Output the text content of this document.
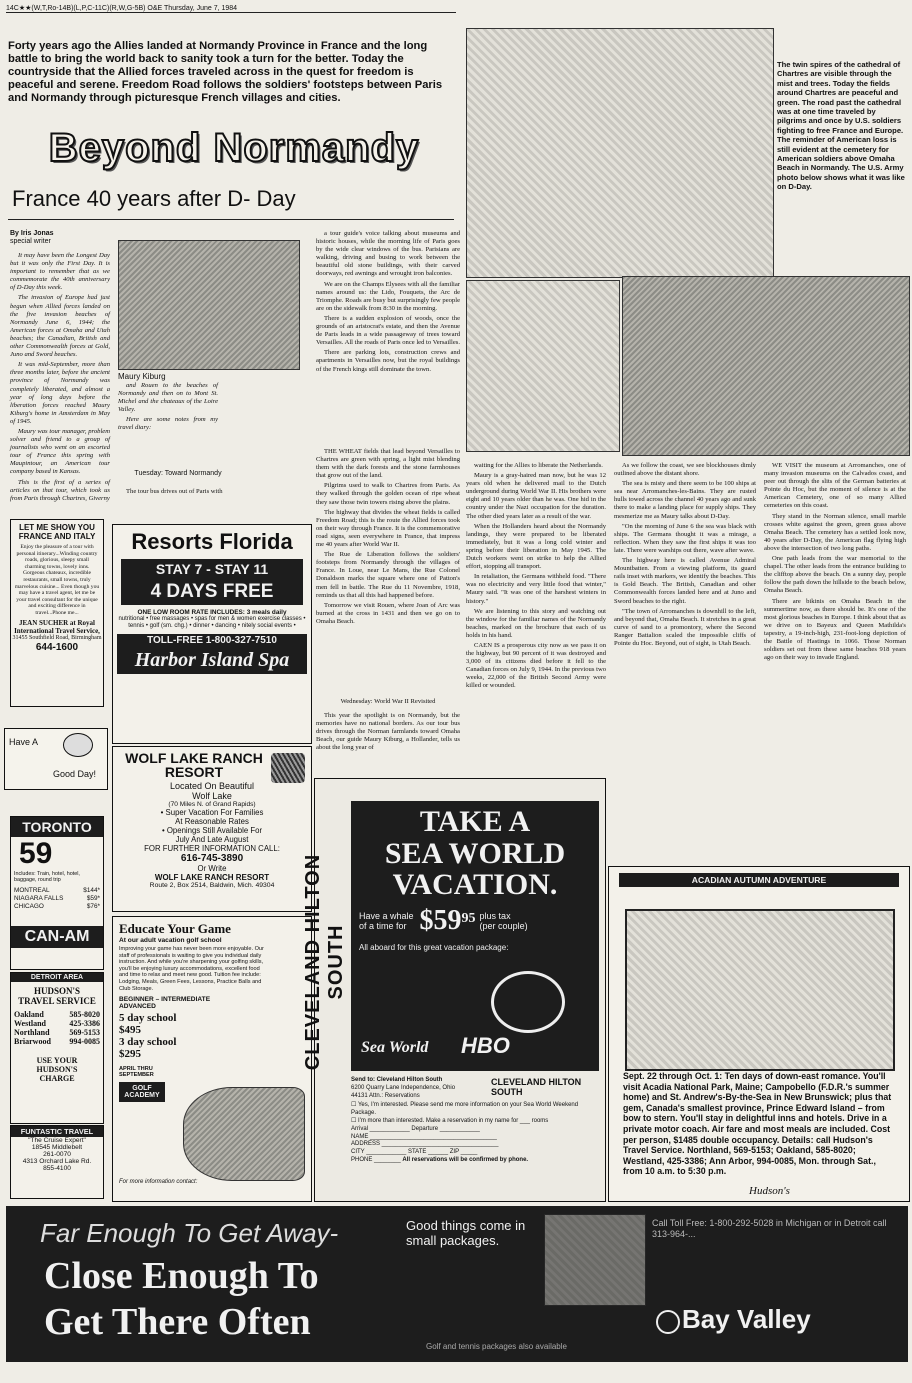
14C★★(W,T,Ro-14B)(L,P,C-11C)(R,W,G-5B) O&E Thursday, June 7, 1984
Forty years ago the Allies landed at Normandy Province in France and the long battle to bring the world back to sanity took a turn for the better. Today the countryside that the Allied forces traveled across in the quest for freedom is peaceful and serene. Freedom Road follows the soldiers' footsteps between Paris and Normandy through picturesque French villages and cities.
Beyond Normandy
France 40 years after D- Day
By Iris Jonas
special writer

It may have been the Longest Day but it was only the First Day. It is important to remember that as we commemorate the 40th anniversary of D-Day this week.

The invasion of Europe had just begun when Allied forces landed on the five invasion beaches of Normandy June 6, 1944; the American forces at Omaha and Utah beaches; the Canadian, British and other Commonwealth forces at Gold, Juno and Sword beaches.

It was mid-September, more than three months later, before the ancient province of Normandy was completely liberated, and almost a year of long days before the liberation forces reached Maury Kiburg's home in Amsterdam in May of 1945.

Maury was tour manager, problem solver and friend to a group of journalists who went on an escorted tour of France this spring with Maupintour, an American tour company based in Kansas.

This is the first of a series of articles on that tour, which took us from Paris through Chartres, Giverny

Maury Kiburg

and Rouen to the beaches of Normandy and then on to Mont St. Michel and the chateaux of the Loire Valley.

Here are some notes from my travel diary:

Tuesday: Toward Normandy

The tour bus drives out of Paris with

a tour guide's voice talking about museums and historic houses, while the morning life of Paris goes by the wide clear windows of the bus. Parisians are walking, driving and busing to work between the beautiful old stone buildings, with their carved doorways, red awnings and wrought iron balconies.

We are on the Champs Elysees with all the familiar names around us: the Lido, Fouquets, the Arc de Triomphe. Roads are busy but surprisingly few people are on the sidewalk from 8:30 in the morning.

There is a sudden explosion of woods, once the grounds of an aristocrat's estate, and then the Avenue de Paris leads in a wide passageway of trees toward Versailles. All the roads of Paris once led to Versailles.

There are parking lots, construction crews and apartments in Versailles now, but the royal buildings of the French kings still dominate the town.

The twin spires of the cathedral of Chartres are visible through the mist and trees. Today the fields around Chartres are peaceful and green. The road past the cathedral was at one time traveled by pilgrims and once by U.S. soldiers fighting to free France and Europe. The reminder of American loss is still evident at the cemetery for American soldiers above Omaha Beach in Normandy. The U.S. Army photo below shows what it was like on D-Day.

THE WHEAT fields that lead beyond Versailles to Chartres are green with spring, a light mist blending them with the dark forests and the stone farmhouses that grow out of the land.

Pilgrims used to walk to Chartres from Paris. As they walked through the golden ocean of ripe wheat they saw those twin towers rising above the plains.

The highway that divides the wheat fields is called Freedom Road; this is the route the Allied forces took on their way through France. It is the commemorative road signs, seen everywhere in France, that impress me 40 years after World War II.

The Rue de Liberation follows the soldiers' footsteps from Normandy through the villages of France. In Loue, near Le Mans, the Rue Colonel Donaldson marks the square where one of Patton's men fell in battle. The Rue du 11 Novembre, 1918, reminds us that all this had happened before.

Tomorrow we visit Rouen, where Joan of Arc was burned at the cross in 1431 and then we go on to Omaha Beach.

Wednesday: World War II Revisited

This year the spotlight is on Normandy, but the memories have no national borders. As our tour bus drives through the Norman farmlands toward Omaha Beach, our guide Maury Kiburg, a Hollander, tells us about the long year of

waiting for the Allies to liberate the Netherlands.

Maury is a gray-haired man now, but he was 12 years old when he delivered mail to the Dutch underground during World War II. His brothers were eight and 10 years older than he was. One hid in the country under the Nazi occupation for the duration. The other died years later as a result of the war.

When the Hollanders heard about the Normandy landings, they were prepared to be liberated immediately, but it was a long cold winter and spring before their liberation in May 1945. The Dutch workers went on strike to help the Allied effort, stopping all transport.

In retaliation, the Germans withheld food. "There was no electricity and very little food that winter," Maury said. "It was one of the harshest winters in history."

We are listening to this story and watching out the window for the familiar names of the Normandy beaches, marked on the brochure that each of us holds in his hand.

CAEN IS a prosperous city now as we pass it on the highway, but 90 percent of it was destroyed and 3,000 of its citizens died before it fell to the Canadian forces on July 9, 1944. In the previous two weeks, 22,000 of the British Second Army were killed or wounded.

As we follow the coast, we see blockhouses dimly outlined above the distant shore.

The sea is misty and there seem to be 100 ships at sea near Arromanches-les-Bains. They are rusted hulls towed across the channel 40 years ago and sunk there to make a landing place for supply ships. They mesmerize me as Maury talks about D-Day.

"On the morning of June 6 the sea was black with ships. The Germans thought it was a mirage, a reflection. When they saw the first ships it was too late. There were warships out there, wave after wave.

The highway here is called Avenue Admiral Mountbatten. From a viewing platform, its guard rails inset with markers, we identify the beaches. This is Gold Beach. The British, Canadian and other Commonwealth forces landed here and at Juno and Sword beaches to the right.

"The town of Arromanches is downhill to the left, and beyond that, Omaha Beach. It stretches in a great curve of sand to a promontory, where the Second Ranger Battalion scaled the impossible cliffs of Pointe du Hoc. Beyond, out of sight, is Utah Beach.

WE VISIT the museum at Arromanches, one of many invasion museums on the Calvados coast, and peer out through the slits of the German batteries at Pointe du Hoc, but the moment of silence is at the American Cemetery, one of so many Allied cemeteries on this coast.

They stand in the Norman silence, small marble crosses white against the green, green grass above Omaha Beach. The cemetery has a settled look now, 40 years after D-Day, the American flag flying high above the intersection of two long paths.

One path leads from the war memorial to the chapel. The other leads from the entrance building to the clifftop above the beach. On a sunny day, people follow the path down the hillside to the beach below, Omaha Beach.

There are bikinis on Omaha Beach in the summertime now, as there should be. It's one of the most glorious beaches in Europe. I think about that as we drive on to Bayeux and Queen Mathilda's tapestry, a 19-inch-high, 231-foot-long depiction of the Battle of Hastings in 1066. Those Norman soldiers set out from these same beaches 918 years ago on their way to invade England.

LET ME SHOW YOU FRANCE AND ITALY
Enjoy the pleasure of a tour with personal itinerary...Winding country roads, glorious, sleepy small charming towns, lovely inns. Gorgeous chateaux, incredible restaurants, small towns, truly marvelous cuisine... Even though you may have a travel agent, let me be your travel consultant for the unique and exciting difference in travel...Phone me...
JEAN SUCHER at Royal International Travel Service,
31455 Southfield Road, Birmingham
644-1600
Have A
Good Day!
Resorts Florida
STAY 7 - STAY 11
4 DAYS FREE
ONE LOW ROOM RATE INCLUDES: 3 meals daily
nutritional • free massages • spas for men & women exercise classes • tennis • golf (sm. chg.) • dinner • dancing • nitely social events •
TOLL-FREE 1-800-327-7510
Harbor Island Spa
WOLF LAKE RANCH RESORT
Located On Beautiful
Wolf Lake
(70 Miles N. of Grand Rapids)
• Super Vacation For Families
At Reasonable Rates
• Openings Still Available For
July And Late August
FOR FURTHER INFORMATION CALL:
616-745-3890
Or Write
WOLF LAKE RANCH RESORT
Route 2, Box 2514, Baldwin, Mich. 49304
TORONTO
59
Includes: Train, hotel, hotel, baggage, round trip
MONTREAL	$144*
NIAGARA FALLS	$59*
CHICAGO	$76*
CAN-AM
DETROIT AREA
HUDSON'S TRAVEL SERVICE
Oakland	585-8020
Westland	425-3386
Northland 569-5153
Briarwood 994-0085
USE YOUR HUDSON'S CHARGE
FUNTASTIC TRAVEL
"The Cruise Expert"
18545 Middlebelt
261-0070
4313 Orchard Lake Rd.
855-4100
Educate Your Game
At our adult vacation golf school
Improving your game has never been more enjoyable. Our staff of professionals is waiting to give you individual daily instruction. And while you're sharpening your golfing skills, you'll be enjoying luxury accommodations, excellent food and time to relax and meet new good. Tuition fee include: Lodging, Meals, Green Fees, Lessons, Practice Balls and Club Storage.
BEGINNER – INTERMEDIATE
ADVANCED
5 day school
$495
3 day school
$295
APRIL THRU SEPTEMBER
GOLF ACADEMY
For more information contact:
CLEVELAND HILTON SOUTH
TAKE A
SEA WORLD
VACATION.
Have a whale
of a time for $59 95 plus tax
(per couple)
All aboard for this great vacation package:
Sea World HBO
Send to: Cleveland Hilton South
6200 Quarry Lane Independence, Ohio 44131 Attn.: Reservations
CLEVELAND HILTON SOUTH
☐ Yes, I'm interested. Please send me more information on your Sea World Weekend Package.
☐ I'm more than interested. Make a reservation in my name for ___ rooms
Arrival ____________ Departure ____________
NAME ______________________________________
ADDRESS ___________________________________
CITY ____________ STATE ______ ZIP _____
PHONE ________ All reservations will be confirmed by phone.
ACADIAN AUTUMN ADVENTURE
Sept. 22 through Oct. 1: Ten days of down-east romance. You'll visit Acadia National Park, Maine; Campobello (F.D.R.'s summer home) and St. Andrew's-By-the-Sea in New Brunswick; plus that gem, Canada's smallest province, Prince Edward Island – from bow to stern. You'll stay in delightful inns and hotels. Drive in a private motor coach. Air fare and most meals are included. Cost per person, $1485 double occupancy. Details: call Hudson's Travel Service. Northland, 569-5153; Oakland, 585-8020; Westland, 425-3386; Ann Arbor, 994-0085, Mon. through Sat., from 10 a.m. to 5:30 p.m.
Hudson's
Far Enough To Get Away-
Close Enough To
Get There Often
Good things come in small packages.
Call Toll Free: 1-800-292-5028 in Michigan or in Detroit call 313-964-...
Golf and tennis packages also available
Bay Valley
